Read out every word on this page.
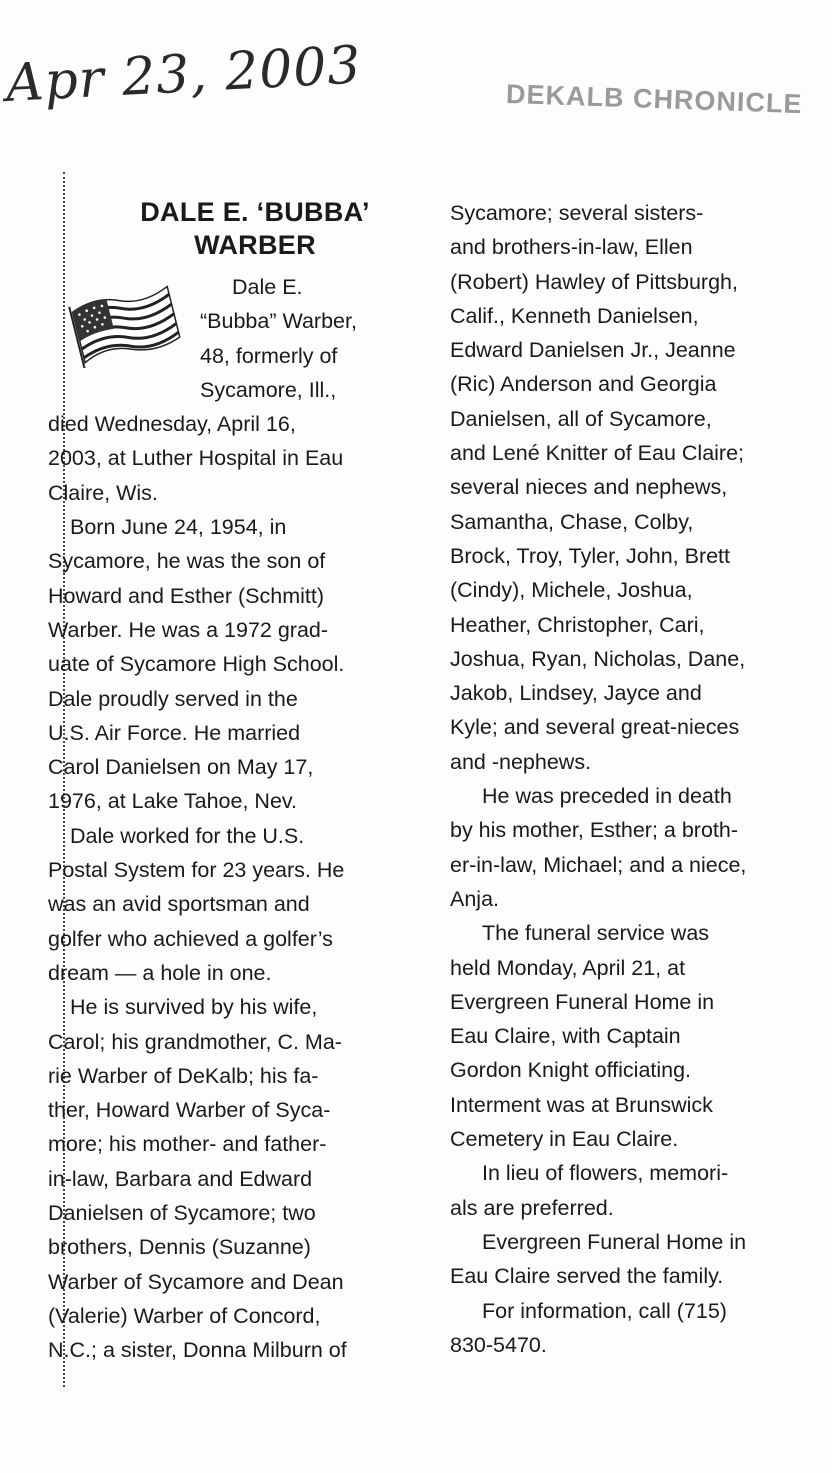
Apr 23, 2003	DEKALB CHRONICLE
DALE E. ‘BUBBA’
WARBER
Dale E.
“Bubba” Warber,
48, formerly of
Sycamore, Ill.,
died Wednesday, April 16,
2003, at Luther Hospital in Eau
Claire, Wis.
Born June 24, 1954, in
Sycamore, he was the son of
Howard and Esther (Schmitt)
Warber. He was a 1972 grad-
uate of Sycamore High School.
Dale proudly served in the
U.S. Air Force. He married
Carol Danielsen on May 17,
1976, at Lake Tahoe, Nev.
Dale worked for the U.S.
Postal System for 23 years. He
was an avid sportsman and
golfer who achieved a golfer’s
dream — a hole in one.
He is survived by his wife,
Carol; his grandmother, C. Ma-
rie Warber of DeKalb; his fa-
ther, Howard Warber of Syca-
more; his mother- and father-
in-law, Barbara and Edward
Danielsen of Sycamore; two
brothers, Dennis (Suzanne)
Warber of Sycamore and Dean
(Valerie) Warber of Concord,
N.C.; a sister, Donna Milburn of
Sycamore; several sisters-
and brothers-in-law, Ellen
(Robert) Hawley of Pittsburgh,
Calif., Kenneth Danielsen,
Edward Danielsen Jr., Jeanne
(Ric) Anderson and Georgia
Danielsen, all of Sycamore,
and Lené Knitter of Eau Claire;
several nieces and nephews,
Samantha, Chase, Colby,
Brock, Troy, Tyler, John, Brett
(Cindy), Michele, Joshua,
Heather, Christopher, Cari,
Joshua, Ryan, Nicholas, Dane,
Jakob, Lindsey, Jayce and
Kyle; and several great-nieces
and -nephews.
He was preceded in death
by his mother, Esther; a broth-
er-in-law, Michael; and a niece,
Anja.
The funeral service was
held Monday, April 21, at
Evergreen Funeral Home in
Eau Claire, with Captain
Gordon Knight officiating.
Interment was at Brunswick
Cemetery in Eau Claire.
In lieu of flowers, memori-
als are preferred.
Evergreen Funeral Home in
Eau Claire served the family.
For information, call (715)
830-5470.
